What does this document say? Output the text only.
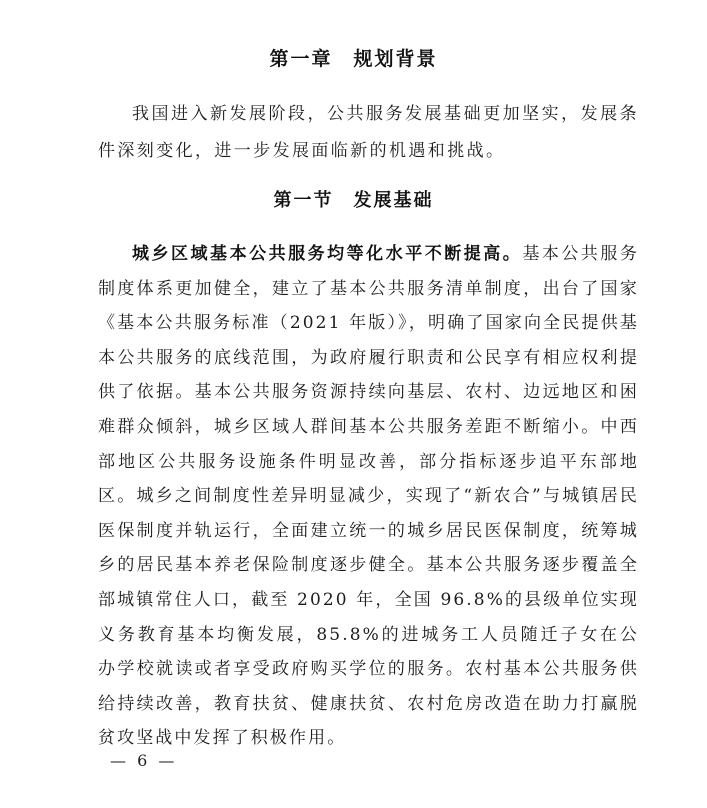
第一章　规划背景

我国进入新发展阶段，公共服务发展基础更加坚实，发展条件深刻变化，进一步发展面临新的机遇和挑战。

第一节　发展基础

城乡区域基本公共服务均等化水平不断提高。基本公共服务制度体系更加健全，建立了基本公共服务清单制度，出台了国家《基本公共服务标准（2021 年版）》，明确了国家向全民提供基本公共服务的底线范围，为政府履行职责和公民享有相应权利提供了依据。基本公共服务资源持续向基层、农村、边远地区和困难群众倾斜，城乡区域人群间基本公共服务差距不断缩小。中西部地区公共服务设施条件明显改善，部分指标逐步追平东部地区。城乡之间制度性差异明显减少，实现了“新农合”与城镇居民医保制度并轨运行，全面建立统一的城乡居民医保制度，统筹城乡的居民基本养老保险制度逐步健全。基本公共服务逐步覆盖全部城镇常住人口，截至 2020 年，全国 96.8%的县级单位实现义务教育基本均衡发展，85.8%的进城务工人员随迁子女在公办学校就读或者享受政府购买学位的服务。农村基本公共服务供给持续改善，教育扶贫、健康扶贫、农村危房改造在助力打赢脱贫攻坚战中发挥了积极作用。

— 6 —
